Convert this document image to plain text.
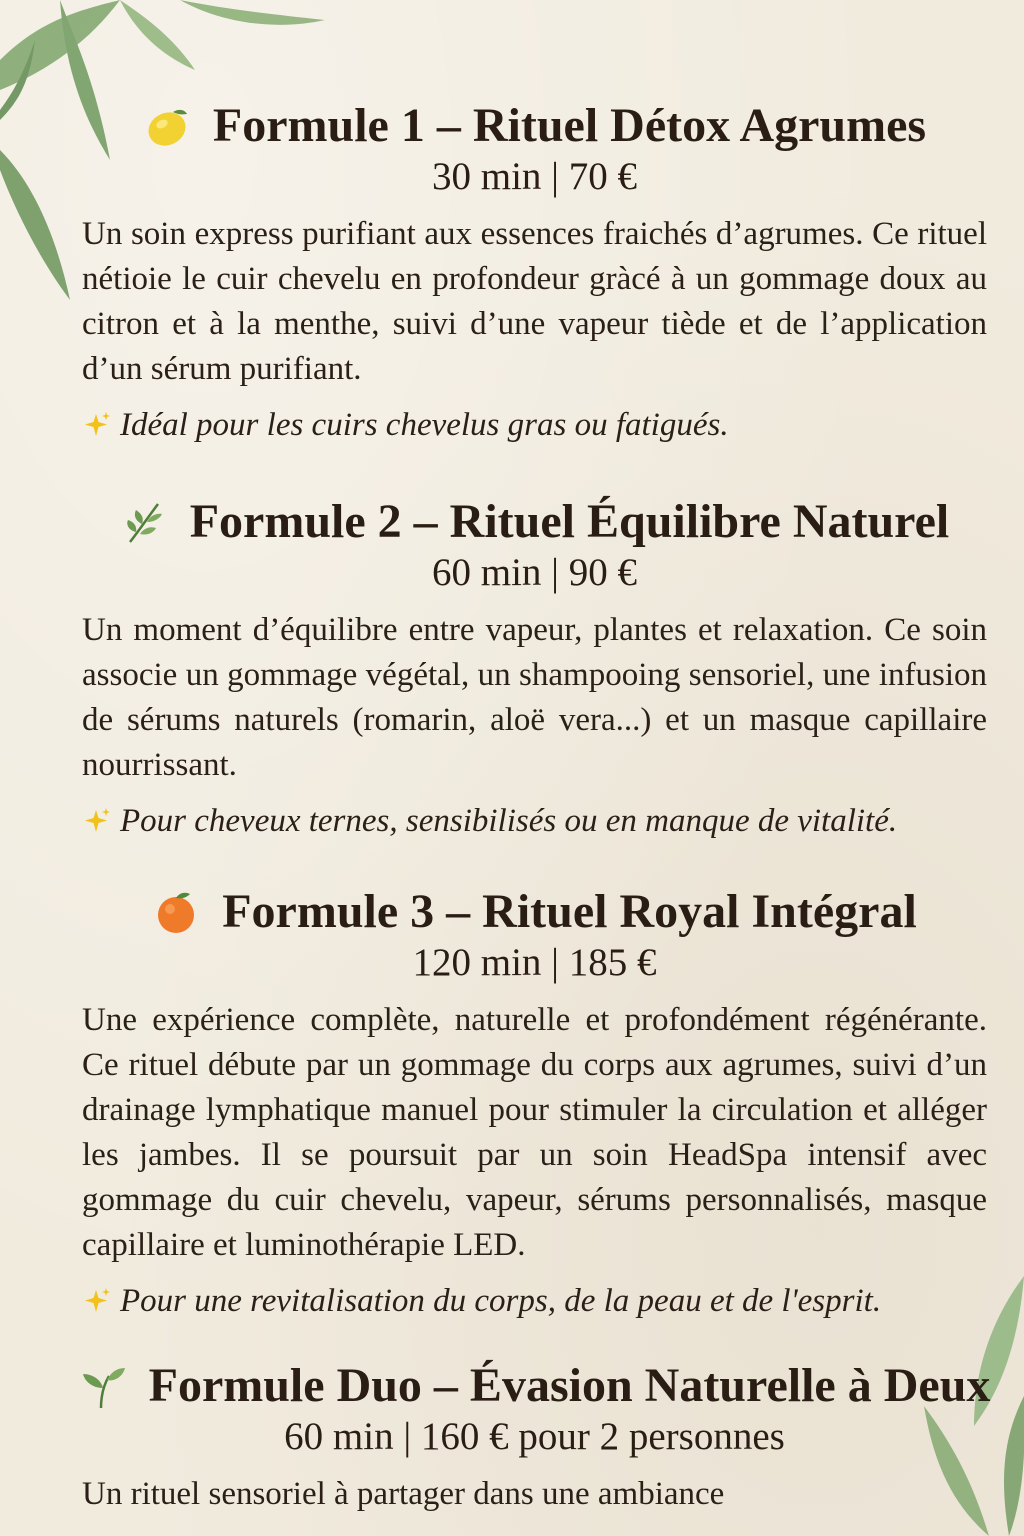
Formule 1 – Rituel Détox Agrumes
30 min | 70 €
Un soin express purifiant aux essences fraichés d’agrumes. Ce rituel nétioie le cuir chevelu en profondeur gràcé à un gommage doux au citron et à la menthe, suivi d’une vapeur tiède et de l’application d’un sérum purifiant.
Idéal pour les cuirs chevelus gras ou fatigués.
Formule 2 – Rituel Équilibre Naturel
60 min | 90 €
Un moment d’équilibre entre vapeur, plantes et relaxation. Ce soin associe un gommage végétal, un shampooing sensoriel, une infusion de sérums naturels (romarin, aloë vera...) et un masque capillaire nourrissant.
Pour cheveux ternes, sensibilisés ou en manque de vitalité.
Formule 3 – Rituel Royal Intégral
120 min | 185 €
Une expérience complète, naturelle et profondément régénérante. Ce rituel débute par un gommage du corps aux agrumes, suivi d’un drainage lymphatique manuel pour stimuler la circulation et alléger les jambes. Il se poursuit par un soin HeadSpa intensif avec gommage du cuir chevelu, vapeur, sérums personnalisés, masque capillaire et luminothérapie LED.
Pour une revitalisation du corps, de la peau et de l'esprit.
Formule Duo – Évasion Naturelle à Deux
60 min | 160 € pour 2 personnes
Un rituel sensoriel à partager dans une ambiance
